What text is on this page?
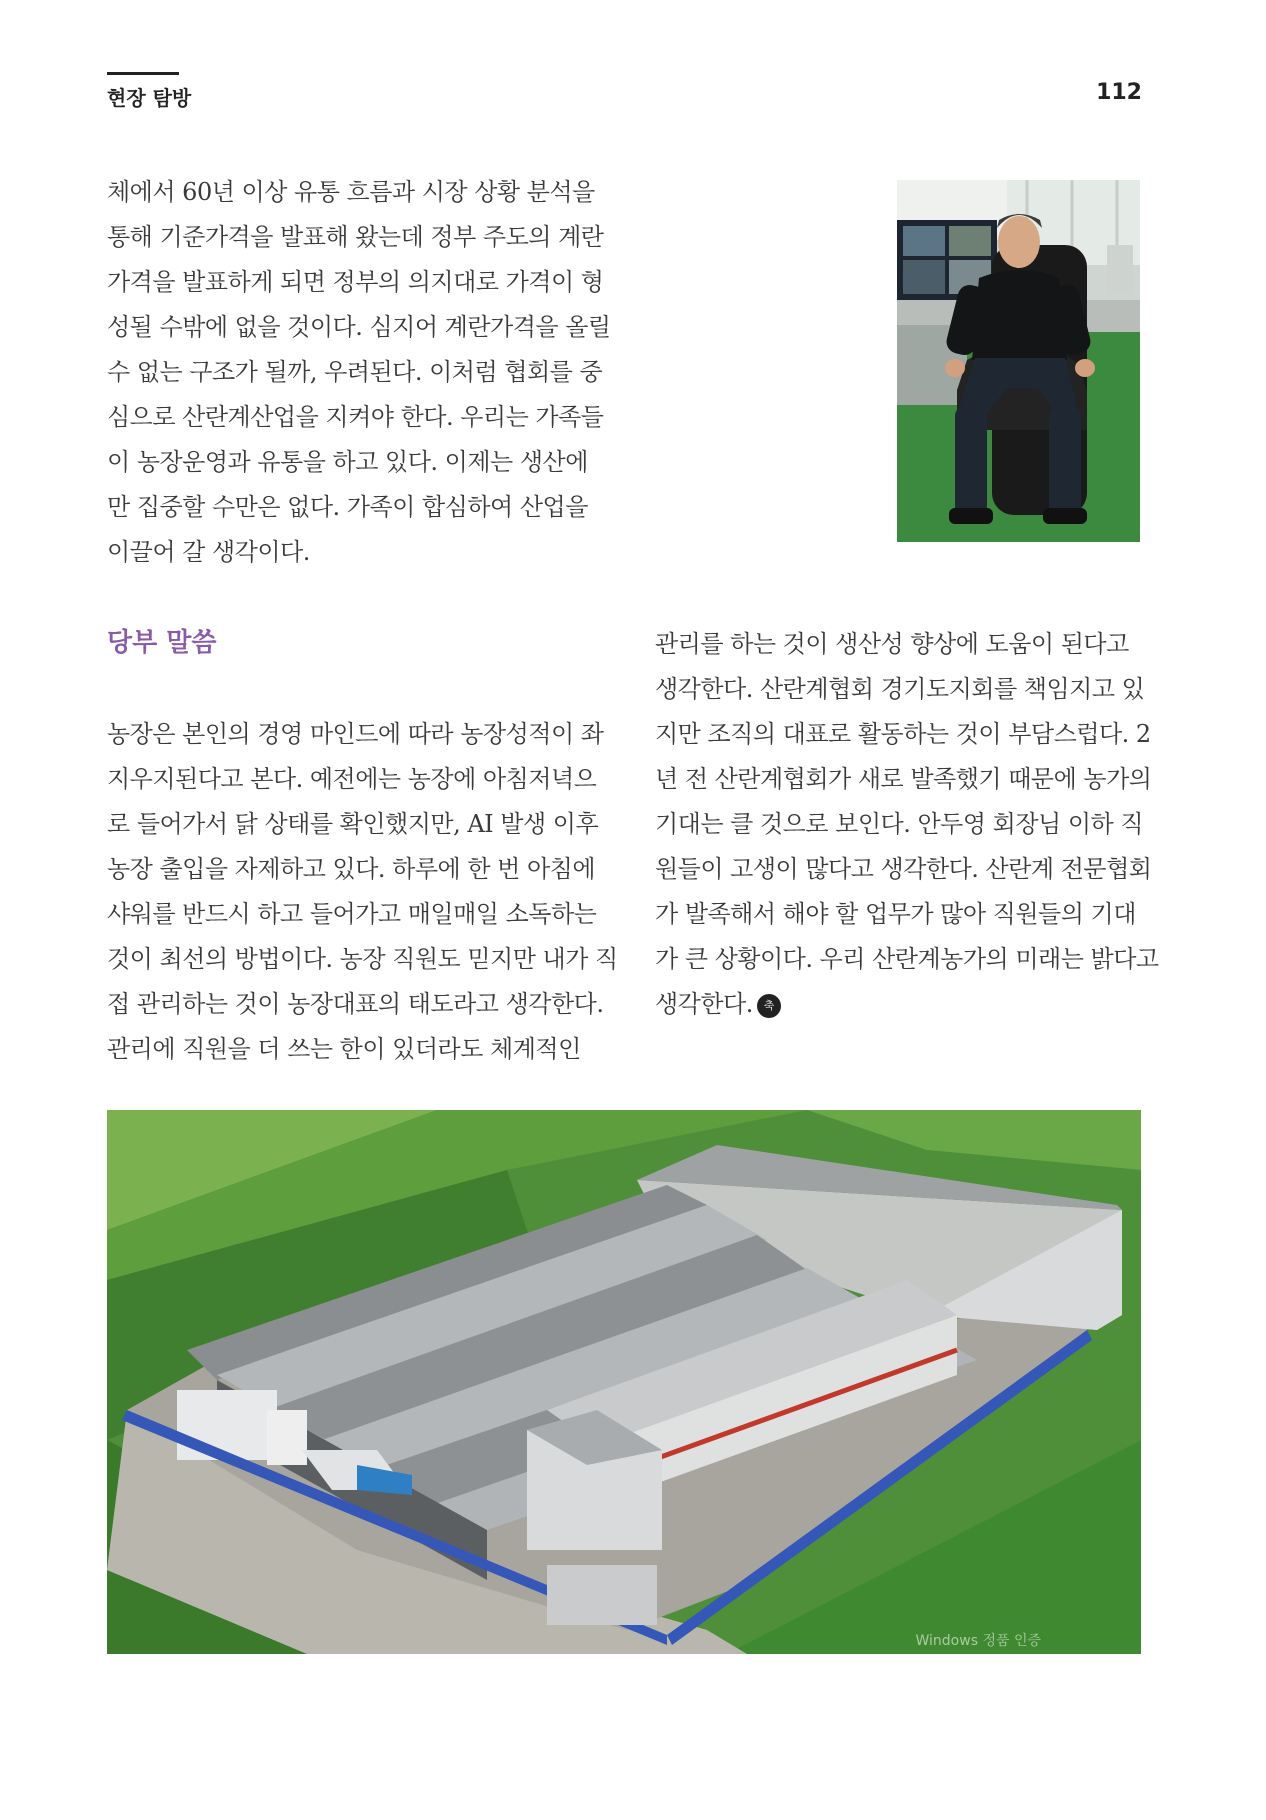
현장 탐방	112
체에서 60년 이상 유통 흐름과 시장 상황 분석을
통해 기준가격을 발표해 왔는데 정부 주도의 계란
가격을 발표하게 되면 정부의 의지대로 가격이 형
성될 수밖에 없을 것이다. 심지어 계란가격을 올릴
수 없는 구조가 될까, 우려된다. 이처럼 협회를 중
심으로 산란계산업을 지켜야 한다. 우리는 가족들
이 농장운영과 유통을 하고 있다. 이제는 생산에
만 집중할 수만은 없다. 가족이 합심하여 산업을
이끌어 갈 생각이다.
당부 말씀
농장은 본인의 경영 마인드에 따라 농장성적이 좌
지우지된다고 본다. 예전에는 농장에 아침저녁으
로 들어가서 닭 상태를 확인했지만, AI 발생 이후
농장 출입을 자제하고 있다. 하루에 한 번 아침에
샤워를 반드시 하고 들어가고 매일매일 소독하는
것이 최선의 방법이다. 농장 직원도 믿지만 내가 직
접 관리하는 것이 농장대표의 태도라고 생각한다.
관리에 직원을 더 쓰는 한이 있더라도 체계적인
관리를 하는 것이 생산성 향상에 도움이 된다고
생각한다. 산란계협회 경기도지회를 책임지고 있
지만 조직의 대표로 활동하는 것이 부담스럽다. 2
년 전 산란계협회가 새로 발족했기 때문에 농가의
기대는 클 것으로 보인다. 안두영 회장님 이하 직
원들이 고생이 많다고 생각한다. 산란계 전문협회
가 발족해서 해야 할 업무가 많아 직원들의 기대
가 큰 상황이다. 우리 산란계농가의 미래는 밝다고
생각한다. 축
Windows 정품 인증
